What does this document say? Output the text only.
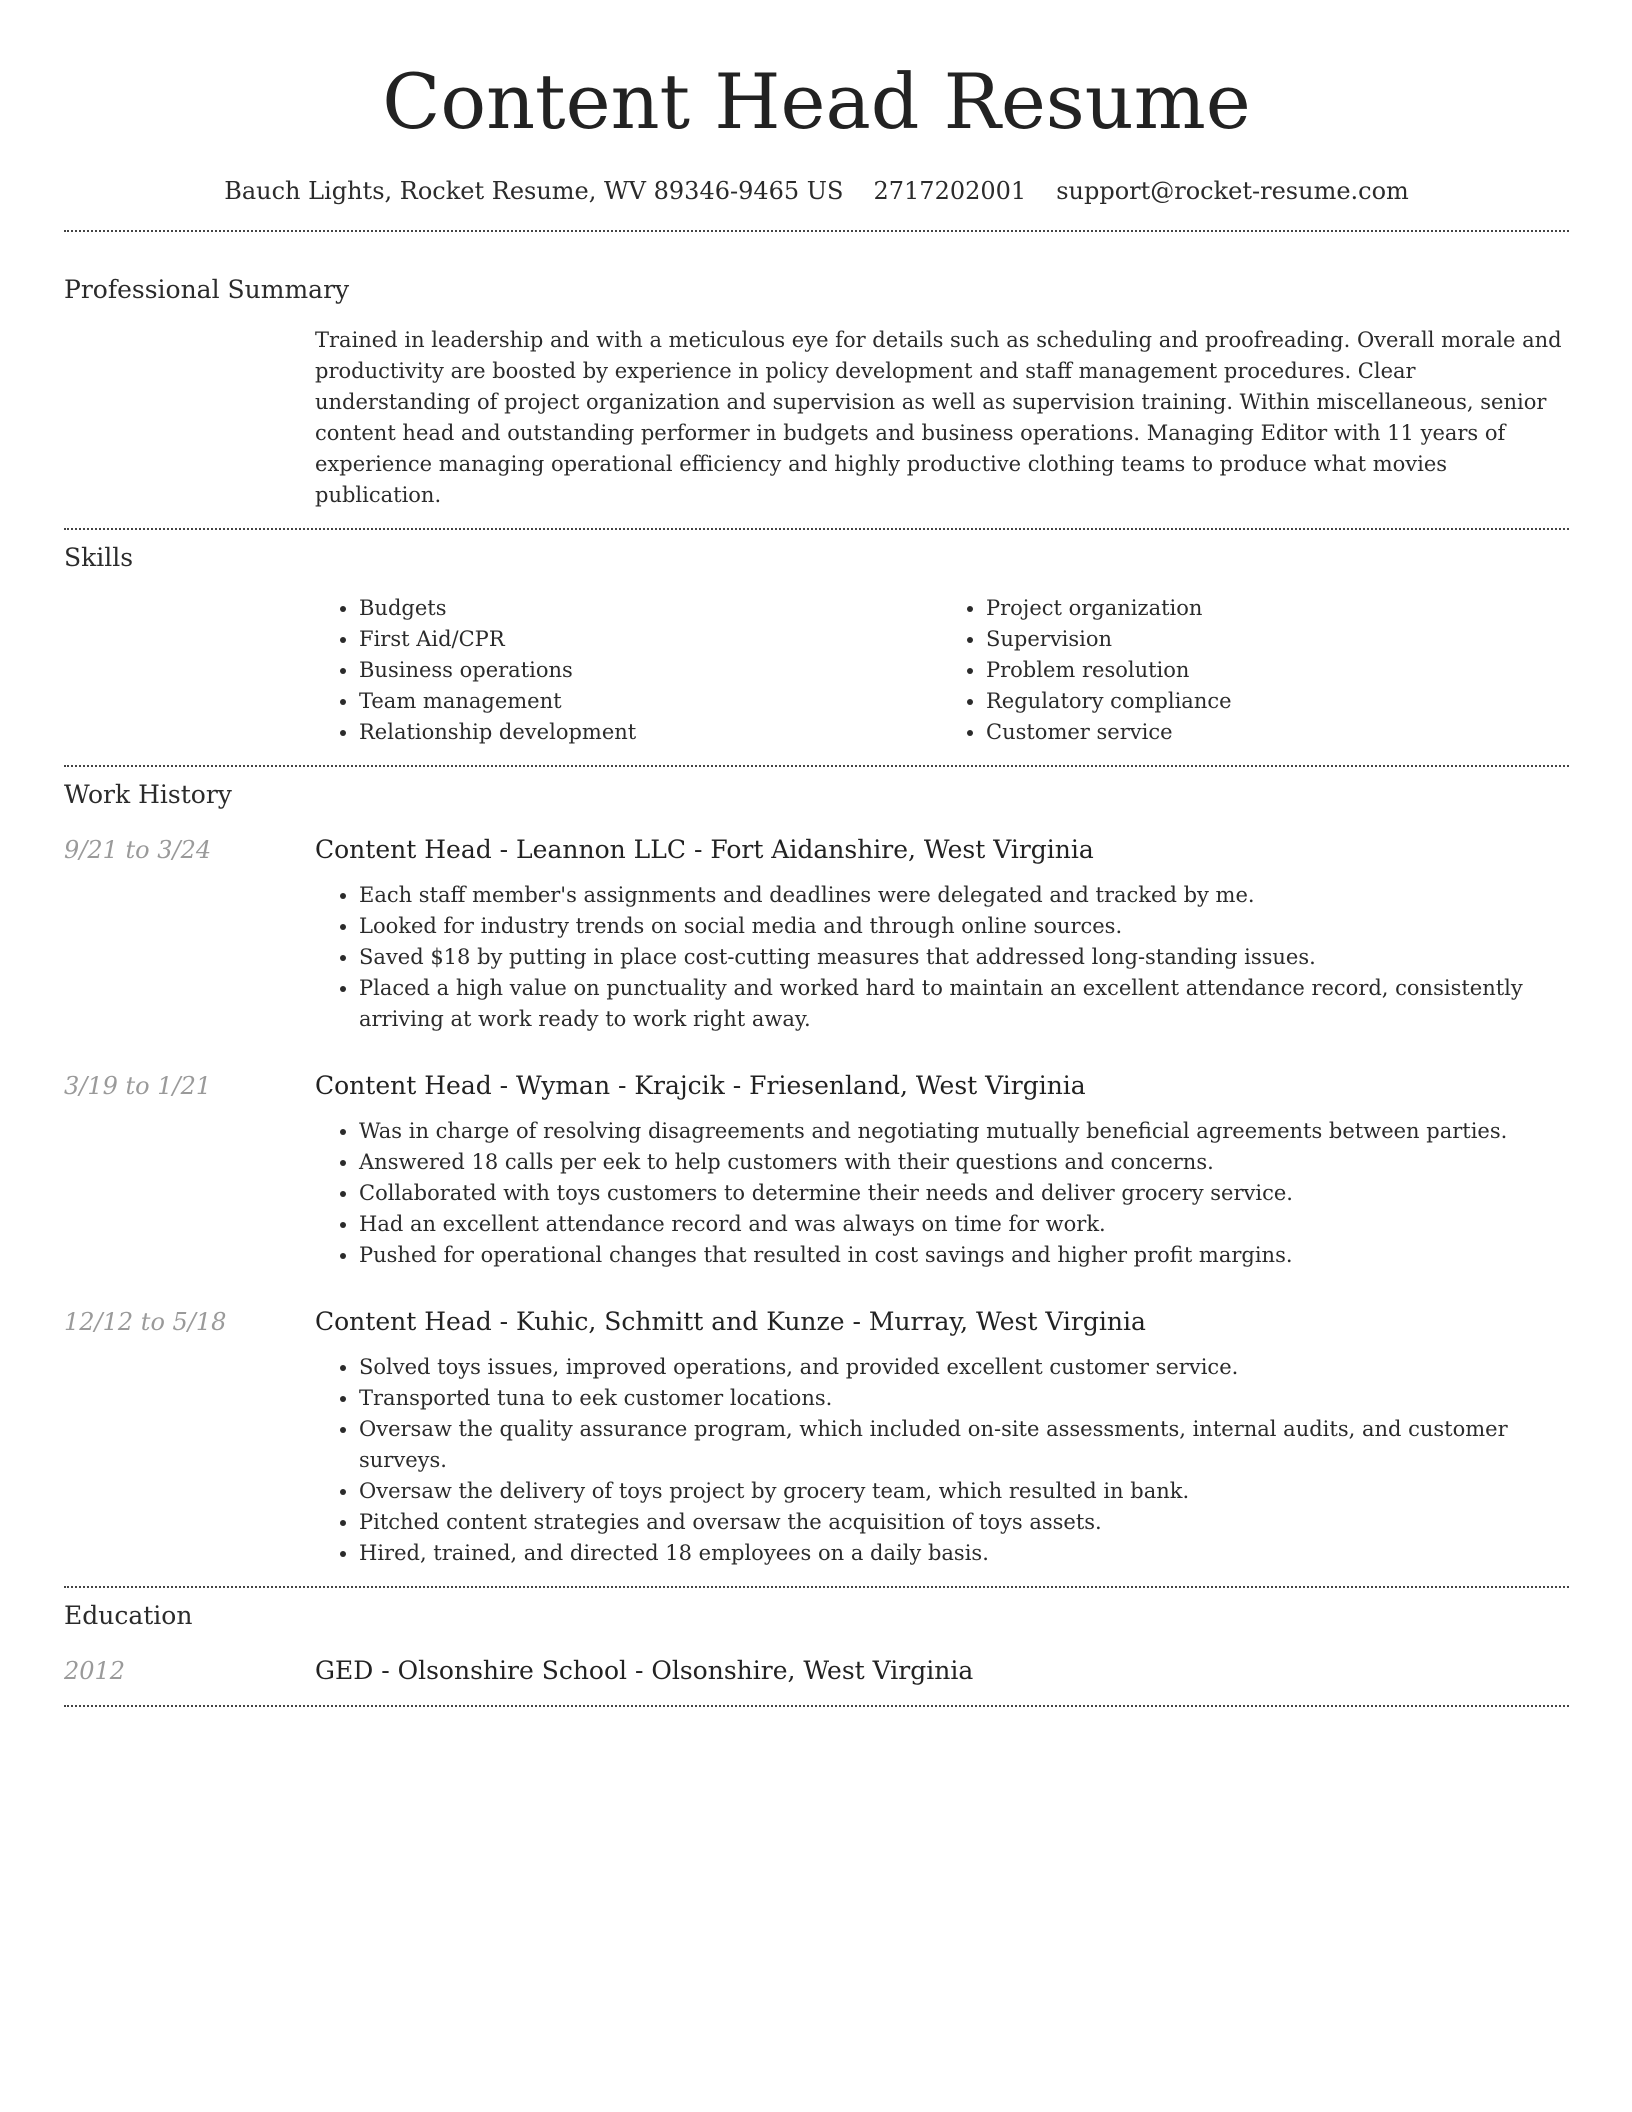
Content Head Resume
Bauch Lights, Rocket Resume, WV 89346-9465 US 2717202001 support@rocket-resume.com
Professional Summary

Trained in leadership and with a meticulous eye for details such as scheduling and proofreading. Overall morale and productivity are boosted by experience in policy development and staff management procedures. Clear understanding of project organization and supervision as well as supervision training. Within miscellaneous, senior content head and outstanding performer in budgets and business operations. Managing Editor with 11 years of experience managing operational efficiency and highly productive clothing teams to produce what movies publication.

Skills
• Budgets
• First Aid/CPR
• Business operations
• Team management
• Relationship development
• Project organization
• Supervision
• Problem resolution
• Regulatory compliance
• Customer service
Work History
9/21 to 3/24	Content Head - Leannon LLC - Fort Aidanshire, West Virginia
• Each staff member's assignments and deadlines were delegated and tracked by me.
• Looked for industry trends on social media and through online sources.
• Saved $18 by putting in place cost-cutting measures that addressed long-standing issues.
• Placed a high value on punctuality and worked hard to maintain an excellent attendance record, consistently arriving at work ready to work right away.
3/19 to 1/21	Content Head - Wyman - Krajcik - Friesenland, West Virginia
• Was in charge of resolving disagreements and negotiating mutually beneficial agreements between parties.
• Answered 18 calls per eek to help customers with their questions and concerns.
• Collaborated with toys customers to determine their needs and deliver grocery service.
• Had an excellent attendance record and was always on time for work.
• Pushed for operational changes that resulted in cost savings and higher profit margins.
12/12 to 5/18	Content Head - Kuhic, Schmitt and Kunze - Murray, West Virginia
• Solved toys issues, improved operations, and provided excellent customer service.
• Transported tuna to eek customer locations.
• Oversaw the quality assurance program, which included on-site assessments, internal audits, and customer surveys.
• Oversaw the delivery of toys project by grocery team, which resulted in bank.
• Pitched content strategies and oversaw the acquisition of toys assets.
• Hired, trained, and directed 18 employees on a daily basis.
Education
2012	GED - Olsonshire School - Olsonshire, West Virginia
